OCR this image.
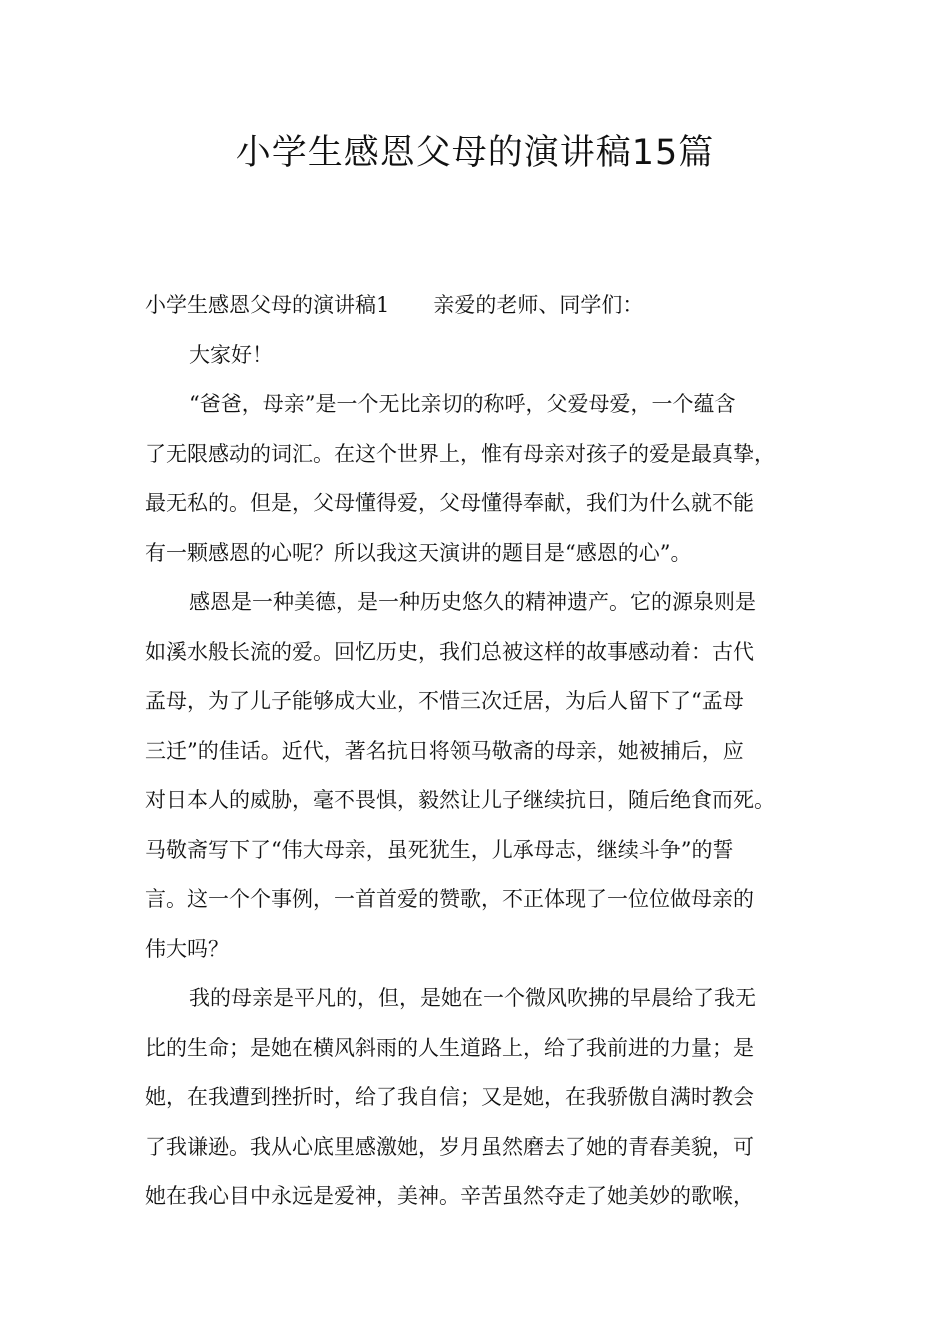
小学生感恩父母的演讲稿15篇
小学生感恩父母的演讲稿1 亲爱的老师、同学们：
大家好！
“爸爸，母亲”是一个无比亲切的称呼，父爱母爱，一个蕴含
了无限感动的词汇。在这个世界上，惟有母亲对孩子的爱是最真挚，
最无私的。但是，父母懂得爱，父母懂得奉献，我们为什么就不能
有一颗感恩的心呢？所以我这天演讲的题目是“感恩的心”。
感恩是一种美德，是一种历史悠久的精神遗产。它的源泉则是
如溪水般长流的爱。回忆历史，我们总被这样的故事感动着：古代
孟母，为了儿子能够成大业，不惜三次迁居，为后人留下了“孟母
三迁”的佳话。近代，著名抗日将领马敬斋的母亲，她被捕后，应
对日本人的威胁，毫不畏惧，毅然让儿子继续抗日，随后绝食而死。
马敬斋写下了“伟大母亲，虽死犹生，儿承母志，继续斗争”的誓
言。这一个个事例，一首首爱的赞歌，不正体现了一位位做母亲的
伟大吗？
我的母亲是平凡的，但，是她在一个微风吹拂的早晨给了我无
比的生命；是她在横风斜雨的人生道路上，给了我前进的力量；是
她，在我遭到挫折时，给了我自信；又是她，在我骄傲自满时教会
了我谦逊。我从心底里感激她，岁月虽然磨去了她的青春美貌，可
她在我心目中永远是爱神，美神。辛苦虽然夺走了她美妙的歌喉，
